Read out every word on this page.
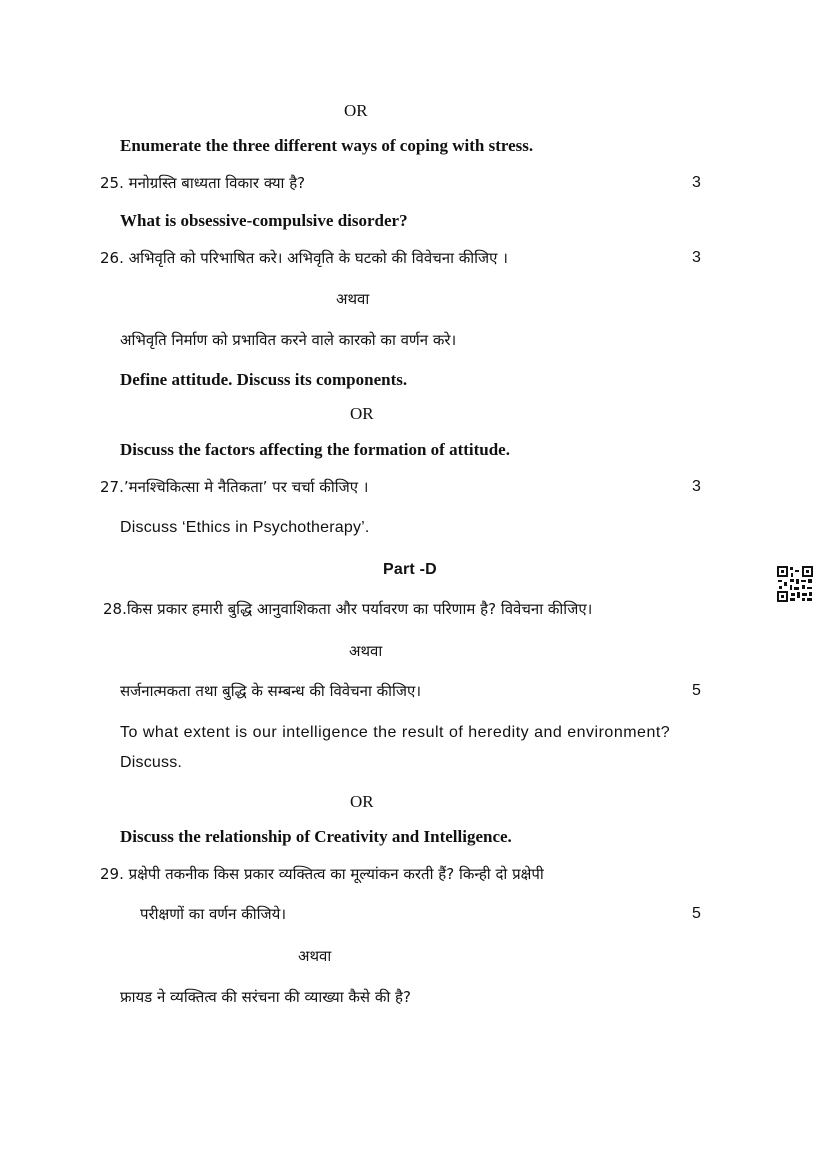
OR
Enumerate the three different ways of coping with stress.
25. मनोग्रस्ति बाध्यता विकार क्या है?	3
What is obsessive-compulsive disorder?
26. अभिवृति को परिभाषित करे। अभिवृति के घटको की विवेचना कीजिए ।	3
अथवा
अभिवृति निर्माण को प्रभावित करने वाले कारको का वर्णन करे।
Define attitude. Discuss its components.
OR
Discuss the factors affecting the formation of attitude.
27.’मनश्चिकित्सा मे नैतिकता’ पर चर्चा कीजिए ।	3
Discuss ‘Ethics in Psychotherapy’.
Part -D
28.किस प्रकार हमारी बुद्धि आनुवाशिकता और पर्यावरण का परिणाम है? विवेचना कीजिए।
अथवा
सर्जनात्मकता तथा बुद्धि के सम्बन्ध की विवेचना कीजिए।	5
To what extent is our intelligence the result of heredity and environment?
Discuss.
OR
Discuss the relationship of Creativity and Intelligence.
29. प्रक्षेपी तकनीक किस प्रकार व्यक्तित्व का मूल्यांकन करती हैं? किन्ही दो प्रक्षेपी
परीक्षणों का वर्णन कीजिये।	5
अथवा
फ्रायड ने व्यक्तित्व की सरंचना की व्याख्या कैसे की है?
